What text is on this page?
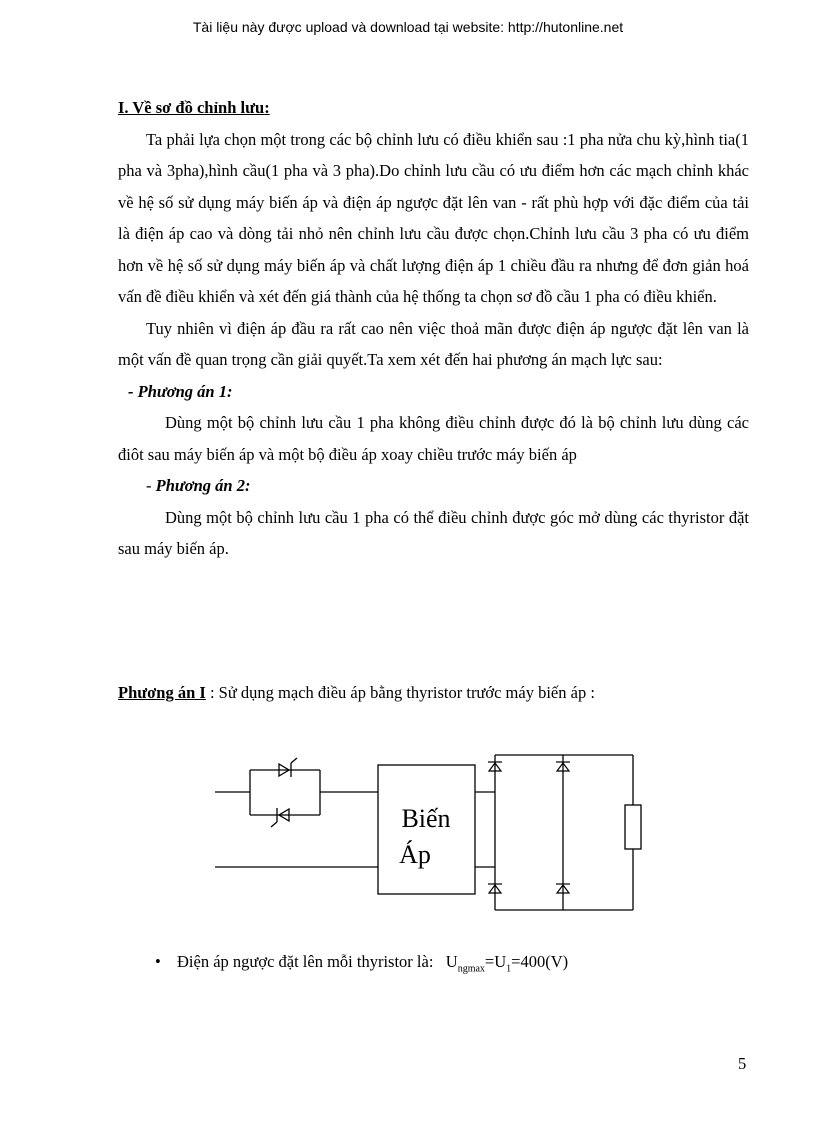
Tài liệu này được upload và download tại website: http://hutonline.net

I. Về sơ đồ chỉnh lưu:

Ta phải lựa chọn một trong các bộ chỉnh lưu có điều khiển sau :1 pha nửa chu kỳ,hình tia(1 pha và 3pha),hình cầu(1 pha và 3 pha).Do chỉnh lưu cầu có ưu điểm hơn các mạch chỉnh khác về hệ số sử dụng máy biến áp và điện áp ngược đặt lên van - rất phù hợp với đặc điểm của tải là điện áp cao và dòng tải nhỏ nên chỉnh lưu cầu được chọn.Chỉnh lưu cầu 3 pha có ưu điểm hơn về hệ số sử dụng máy biến áp và chất lượng điện áp 1 chiều đầu ra nhưng để đơn giản hoá vấn đề điều khiển và xét đến giá thành của hệ thống ta chọn sơ đồ cầu 1 pha có điều khiển.

Tuy nhiên vì điện áp đầu ra rất cao nên việc thoả mãn được điện áp ngược đặt lên van là một vấn đề quan trọng cần giải quyết.Ta xem xét đến hai phương án mạch lực sau:

- Phương án 1:

Dùng một bộ chỉnh lưu cầu 1 pha không điều chỉnh được đó là bộ chỉnh lưu dùng các điôt sau máy biến áp và một bộ điều áp xoay chiều trước máy biến áp

- Phương án 2:

Dùng một bộ chỉnh lưu cầu 1 pha có thể điều chỉnh được góc mở dùng các thyristor đặt sau máy biến áp.

Phương án I : Sử dụng mạch điều áp bằng thyristor trước máy biến áp :
Biến
Áp
• Điện áp ngược đặt lên mỗi thyristor là: $U_{ngmax}=U_1=400(V)$
5
